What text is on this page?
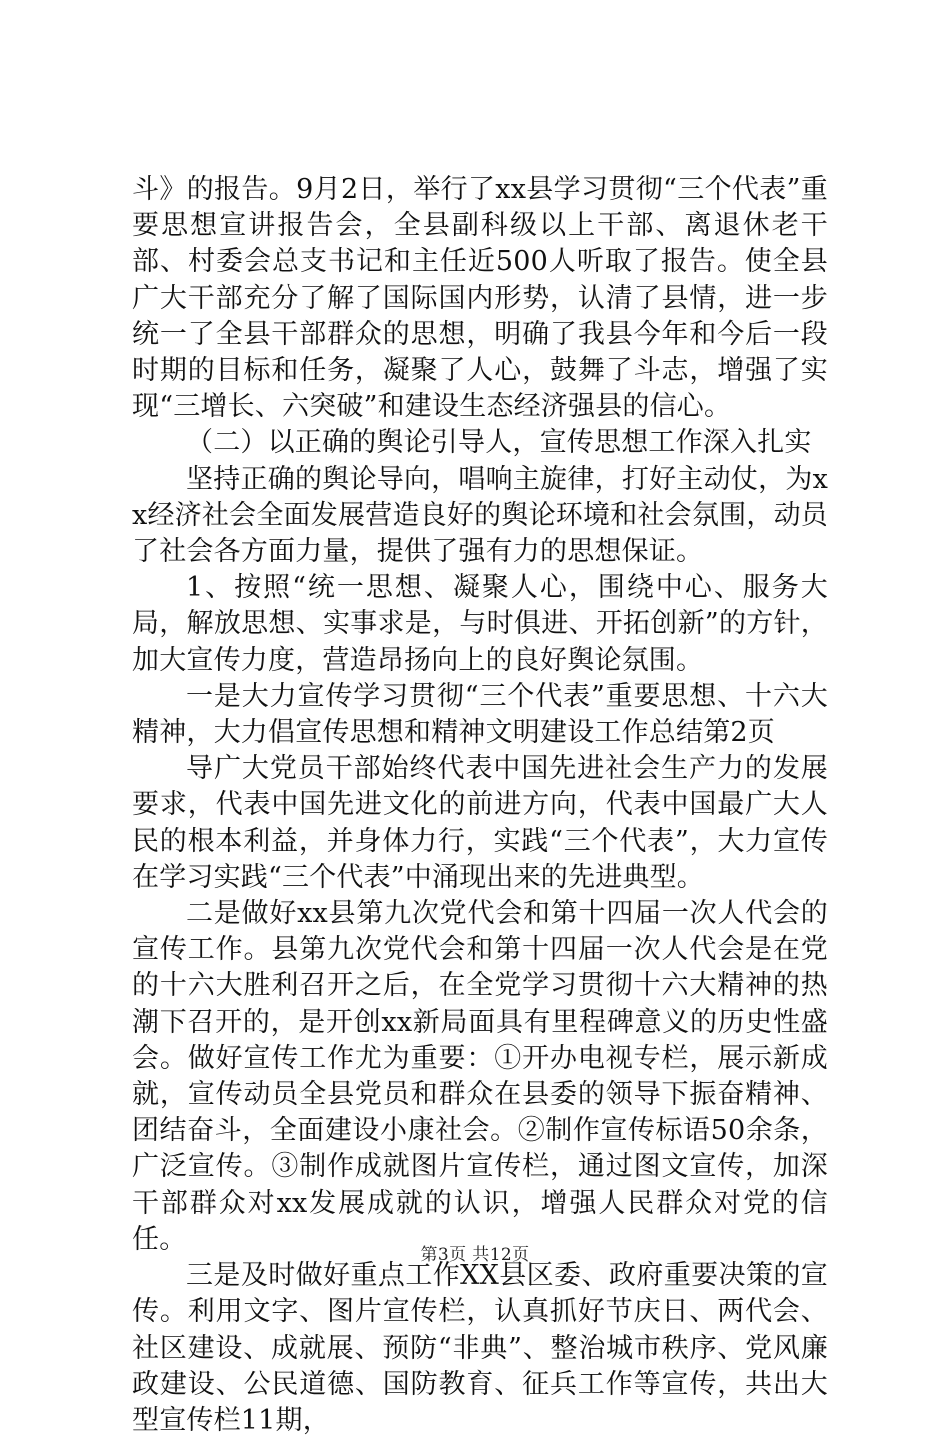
斗》的报告。9月2日，举行了xx县学习贯彻“三个代表”重要思想宣讲报告会，全县副科级以上干部、离退休老干部、村委会总支书记和主任近500人听取了报告。使全县广大干部充分了解了国际国内形势，认清了县情，进一步统一了全县干部群众的思想，明确了我县今年和今后一段时期的目标和任务，凝聚了人心，鼓舞了斗志，增强了实现“三增长、六突破”和建设生态经济强县的信心。

（二）以正确的舆论引导人，宣传思想工作深入扎实

坚持正确的舆论导向，唱响主旋律，打好主动仗，为xx经济社会全面发展营造良好的舆论环境和社会氛围，动员了社会各方面力量，提供了强有力的思想保证。

1、按照“统一思想、凝聚人心，围绕中心、服务大局，解放思想、实事求是，与时俱进、开拓创新”的方针，加大宣传力度，营造昂扬向上的良好舆论氛围。

一是大力宣传学习贯彻“三个代表”重要思想、十六大精神，大力倡宣传思想和精神文明建设工作总结第2页

导广大党员干部始终代表中国先进社会生产力的发展要求，代表中国先进文化的前进方向，代表中国最广大人民的根本利益，并身体力行，实践“三个代表”，大力宣传在学习实践“三个代表”中涌现出来的先进典型。

二是做好xx县第九次党代会和第十四届一次人代会的宣传工作。县第九次党代会和第十四届一次人代会是在党的十六大胜利召开之后，在全党学习贯彻十六大精神的热潮下召开的，是开创xx新局面具有里程碑意义的历史性盛会。做好宣传工作尤为重要：①开办电视专栏，展示新成就，宣传动员全县党员和群众在县委的领导下振奋精神、团结奋斗，全面建设小康社会。②制作宣传标语50余条，广泛宣传。③制作成就图片宣传栏，通过图文宣传，加深干部群众对xx发展成就的认识，增强人民群众对党的信任。

三是及时做好重点工作XX县区委、政府重要决策的宣传。利用文字、图片宣传栏，认真抓好节庆日、两代会、社区建设、成就展、预防“非典”、整治城市秩序、党风廉政建设、公民道德、国防教育、征兵工作等宣传，共出大型宣传栏11期，

第3页 共12页
